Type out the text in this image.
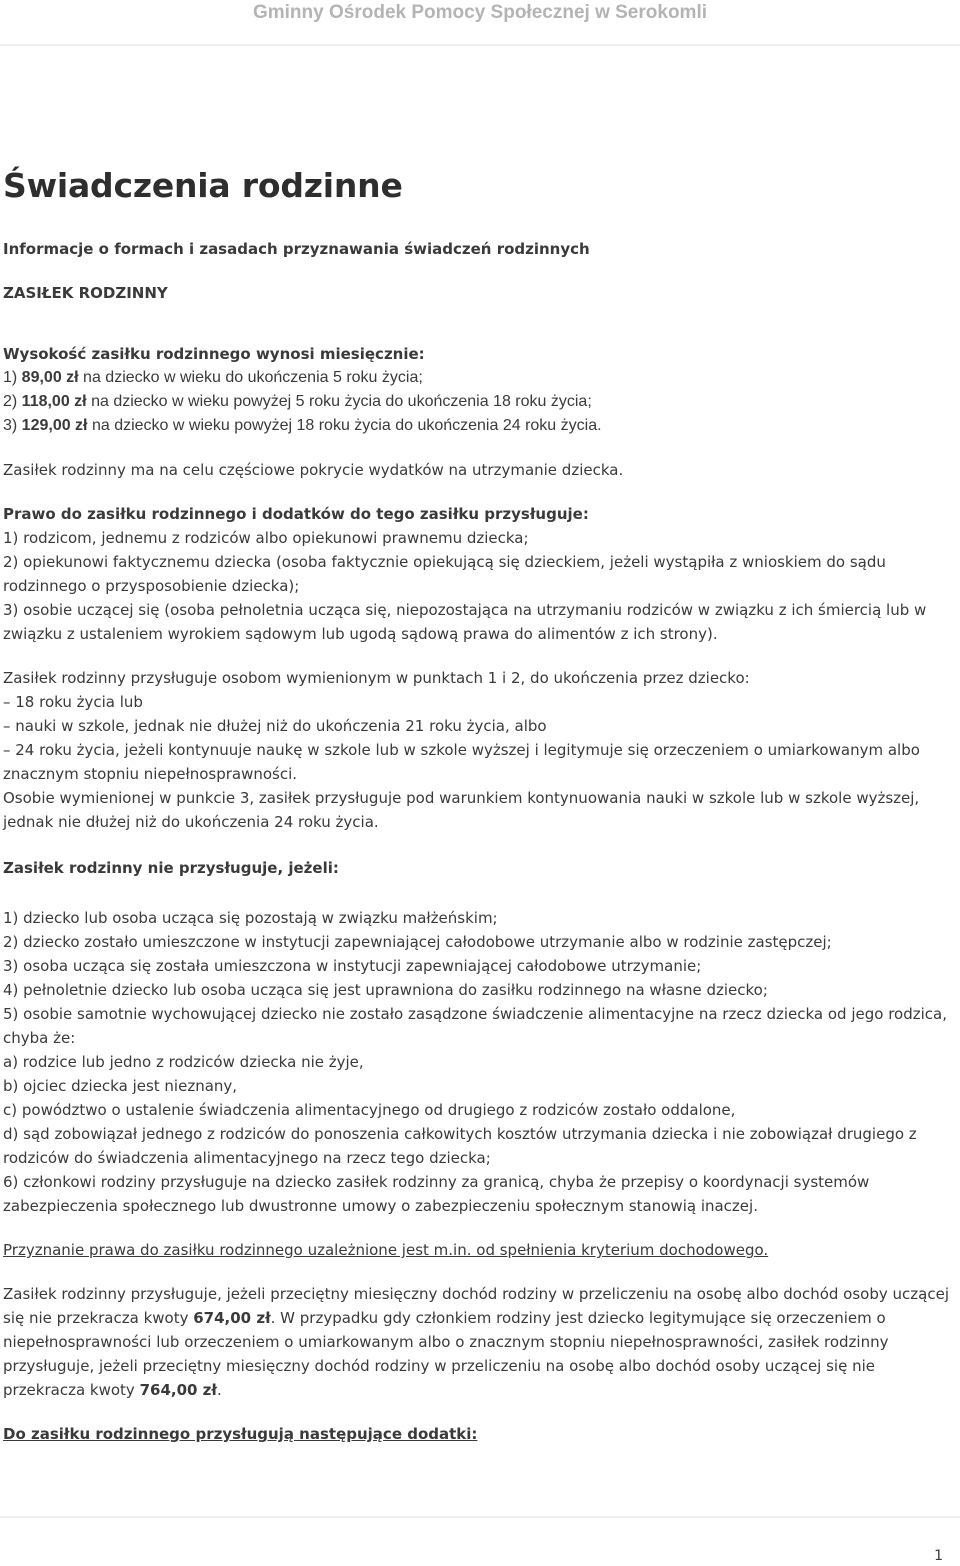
Gminny Ośrodek Pomocy Społecznej w Serokomli
Świadczenia rodzinne

Informacje o formach i zasadach przyznawania świadczeń rodzinnych

ZASIŁEK RODZINNY

Wysokość zasiłku rodzinnego wynosi miesięcznie:

1) 89,00 zł na dziecko w wieku do ukończenia 5 roku życia;

2) 118,00 zł na dziecko w wieku powyżej 5 roku życia do ukończenia 18 roku życia;

3) 129,00 zł na dziecko w wieku powyżej 18 roku życia do ukończenia 24 roku życia.

Zasiłek rodzinny ma na celu częściowe pokrycie wydatków na utrzymanie dziecka.

Prawo do zasiłku rodzinnego i dodatków do tego zasiłku przysługuje:

1) rodzicom, jednemu z rodziców albo opiekunowi prawnemu dziecka;

2) opiekunowi faktycznemu dziecka (osoba faktycznie opiekującą się dzieckiem, jeżeli wystąpiła z wnioskiem do sądu rodzinnego o przysposobienie dziecka);

3) osobie uczącej się (osoba pełnoletnia ucząca się, niepozostająca na utrzymaniu rodziców w związku z ich śmiercią lub w związku z ustaleniem wyrokiem sądowym lub ugodą sądową prawa do alimentów z ich strony).

Zasiłek rodzinny przysługuje osobom wymienionym w punktach 1 i 2, do ukończenia przez dziecko:

– 18 roku życia lub

– nauki w szkole, jednak nie dłużej niż do ukończenia 21 roku życia, albo

– 24 roku życia, jeżeli kontynuuje naukę w szkole lub w szkole wyższej i legitymuje się orzeczeniem o umiarkowanym albo znacznym stopniu niepełnosprawności.

Osobie wymienionej w punkcie 3, zasiłek przysługuje pod warunkiem kontynuowania nauki w szkole lub w szkole wyższej, jednak nie dłużej niż do ukończenia 24 roku życia.

Zasiłek rodzinny nie przysługuje, jeżeli:

1) dziecko lub osoba ucząca się pozostają w związku małżeńskim;

2) dziecko zostało umieszczone w instytucji zapewniającej całodobowe utrzymanie albo w rodzinie zastępczej;

3) osoba ucząca się została umieszczona w instytucji zapewniającej całodobowe utrzymanie;

4) pełnoletnie dziecko lub osoba ucząca się jest uprawniona do zasiłku rodzinnego na własne dziecko;

5) osobie samotnie wychowującej dziecko nie zostało zasądzone świadczenie alimentacyjne na rzecz dziecka od jego rodzica, chyba że:

a) rodzice lub jedno z rodziców dziecka nie żyje,

b) ojciec dziecka jest nieznany,

c) powództwo o ustalenie świadczenia alimentacyjnego od drugiego z rodziców zostało oddalone,

d) sąd zobowiązał jednego z rodziców do ponoszenia całkowitych kosztów utrzymania dziecka i nie zobowiązał drugiego z rodziców do świadczenia alimentacyjnego na rzecz tego dziecka;

6) członkowi rodziny przysługuje na dziecko zasiłek rodzinny za granicą, chyba że przepisy o koordynacji systemów zabezpieczenia społecznego lub dwustronne umowy o zabezpieczeniu społecznym stanowią inaczej.

Przyznanie prawa do zasiłku rodzinnego uzależnione jest m.in. od spełnienia kryterium dochodowego.

Zasiłek rodzinny przysługuje, jeżeli przeciętny miesięczny dochód rodziny w przeliczeniu na osobę albo dochód osoby uczącej się nie przekracza kwoty 674,00 zł. W przypadku gdy członkiem rodziny jest dziecko legitymujące się orzeczeniem o niepełnosprawności lub orzeczeniem o umiarkowanym albo o znacznym stopniu niepełnosprawności, zasiłek rodzinny przysługuje, jeżeli przeciętny miesięczny dochód rodziny w przeliczeniu na osobę albo dochód osoby uczącej się nie przekracza kwoty 764,00 zł.

Do zasiłku rodzinnego przysługują następujące dodatki:

1
